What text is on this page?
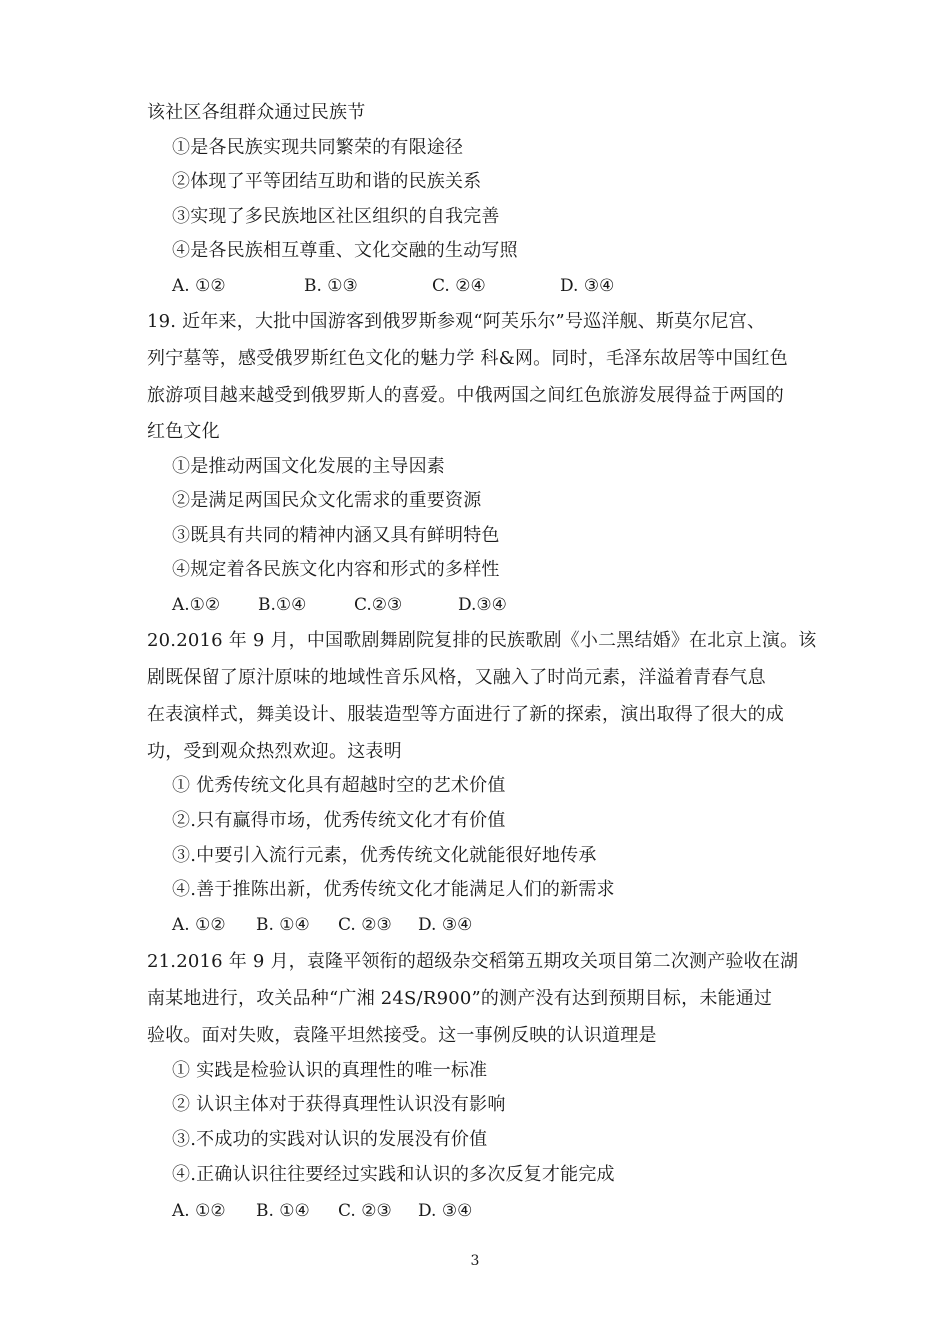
该社区各组群众通过民族节
①是各民族实现共同繁荣的有限途径
②体现了平等团结互助和谐的民族关系
③实现了多民族地区社区组织的自我完善
④是各民族相互尊重、文化交融的生动写照
A. ①②	B. ①③	C. ②④	D. ③④
19. 近年来，大批中国游客到俄罗斯参观“阿芙乐尔”号巡洋舰、斯莫尔尼宫、
列宁墓等，感受俄罗斯红色文化的魅力学 科&网。同时，毛泽东故居等中国红色
旅游项目越来越受到俄罗斯人的喜爱。中俄两国之间红色旅游发展得益于两国的
红色文化
①是推动两国文化发展的主导因素
②是满足两国民众文化需求的重要资源
③既具有共同的精神内涵又具有鲜明特色
④规定着各民族文化内容和形式的多样性
A.①② B.①④	C.②③	D.③④
20.2016 年 9 月，中国歌剧舞剧院复排的民族歌剧《小二黑结婚》在北京上演。该
剧既保留了原汁原味的地域性音乐风格，又融入了时尚元素，洋溢着青春气息
在表演样式，舞美设计、服装造型等方面进行了新的探索，演出取得了很大的成
功，受到观众热烈欢迎。这表明
① 优秀传统文化具有超越时空的艺术价值
②.只有赢得市场，优秀传统文化才有价值
③.中要引入流行元素，优秀传统文化就能很好地传承
④.善于推陈出新，优秀传统文化才能满足人们的新需求
A. ①② B. ①④ C. ②③ D. ③④
21.2016 年 9 月，袁隆平领衔的超级杂交稻第五期攻关项目第二次测产验收在湖
南某地进行，攻关品种“广湘 24S/R900”的测产没有达到预期目标，未能通过
验收。面对失败，袁隆平坦然接受。这一事例反映的认识道理是
① 实践是检验认识的真理性的唯一标准
② 认识主体对于获得真理性认识没有影响
③.不成功的实践对认识的发展没有价值
④.正确认识往往要经过实践和认识的多次反复才能完成
A. ①② B. ①④ C. ②③ D. ③④
3
